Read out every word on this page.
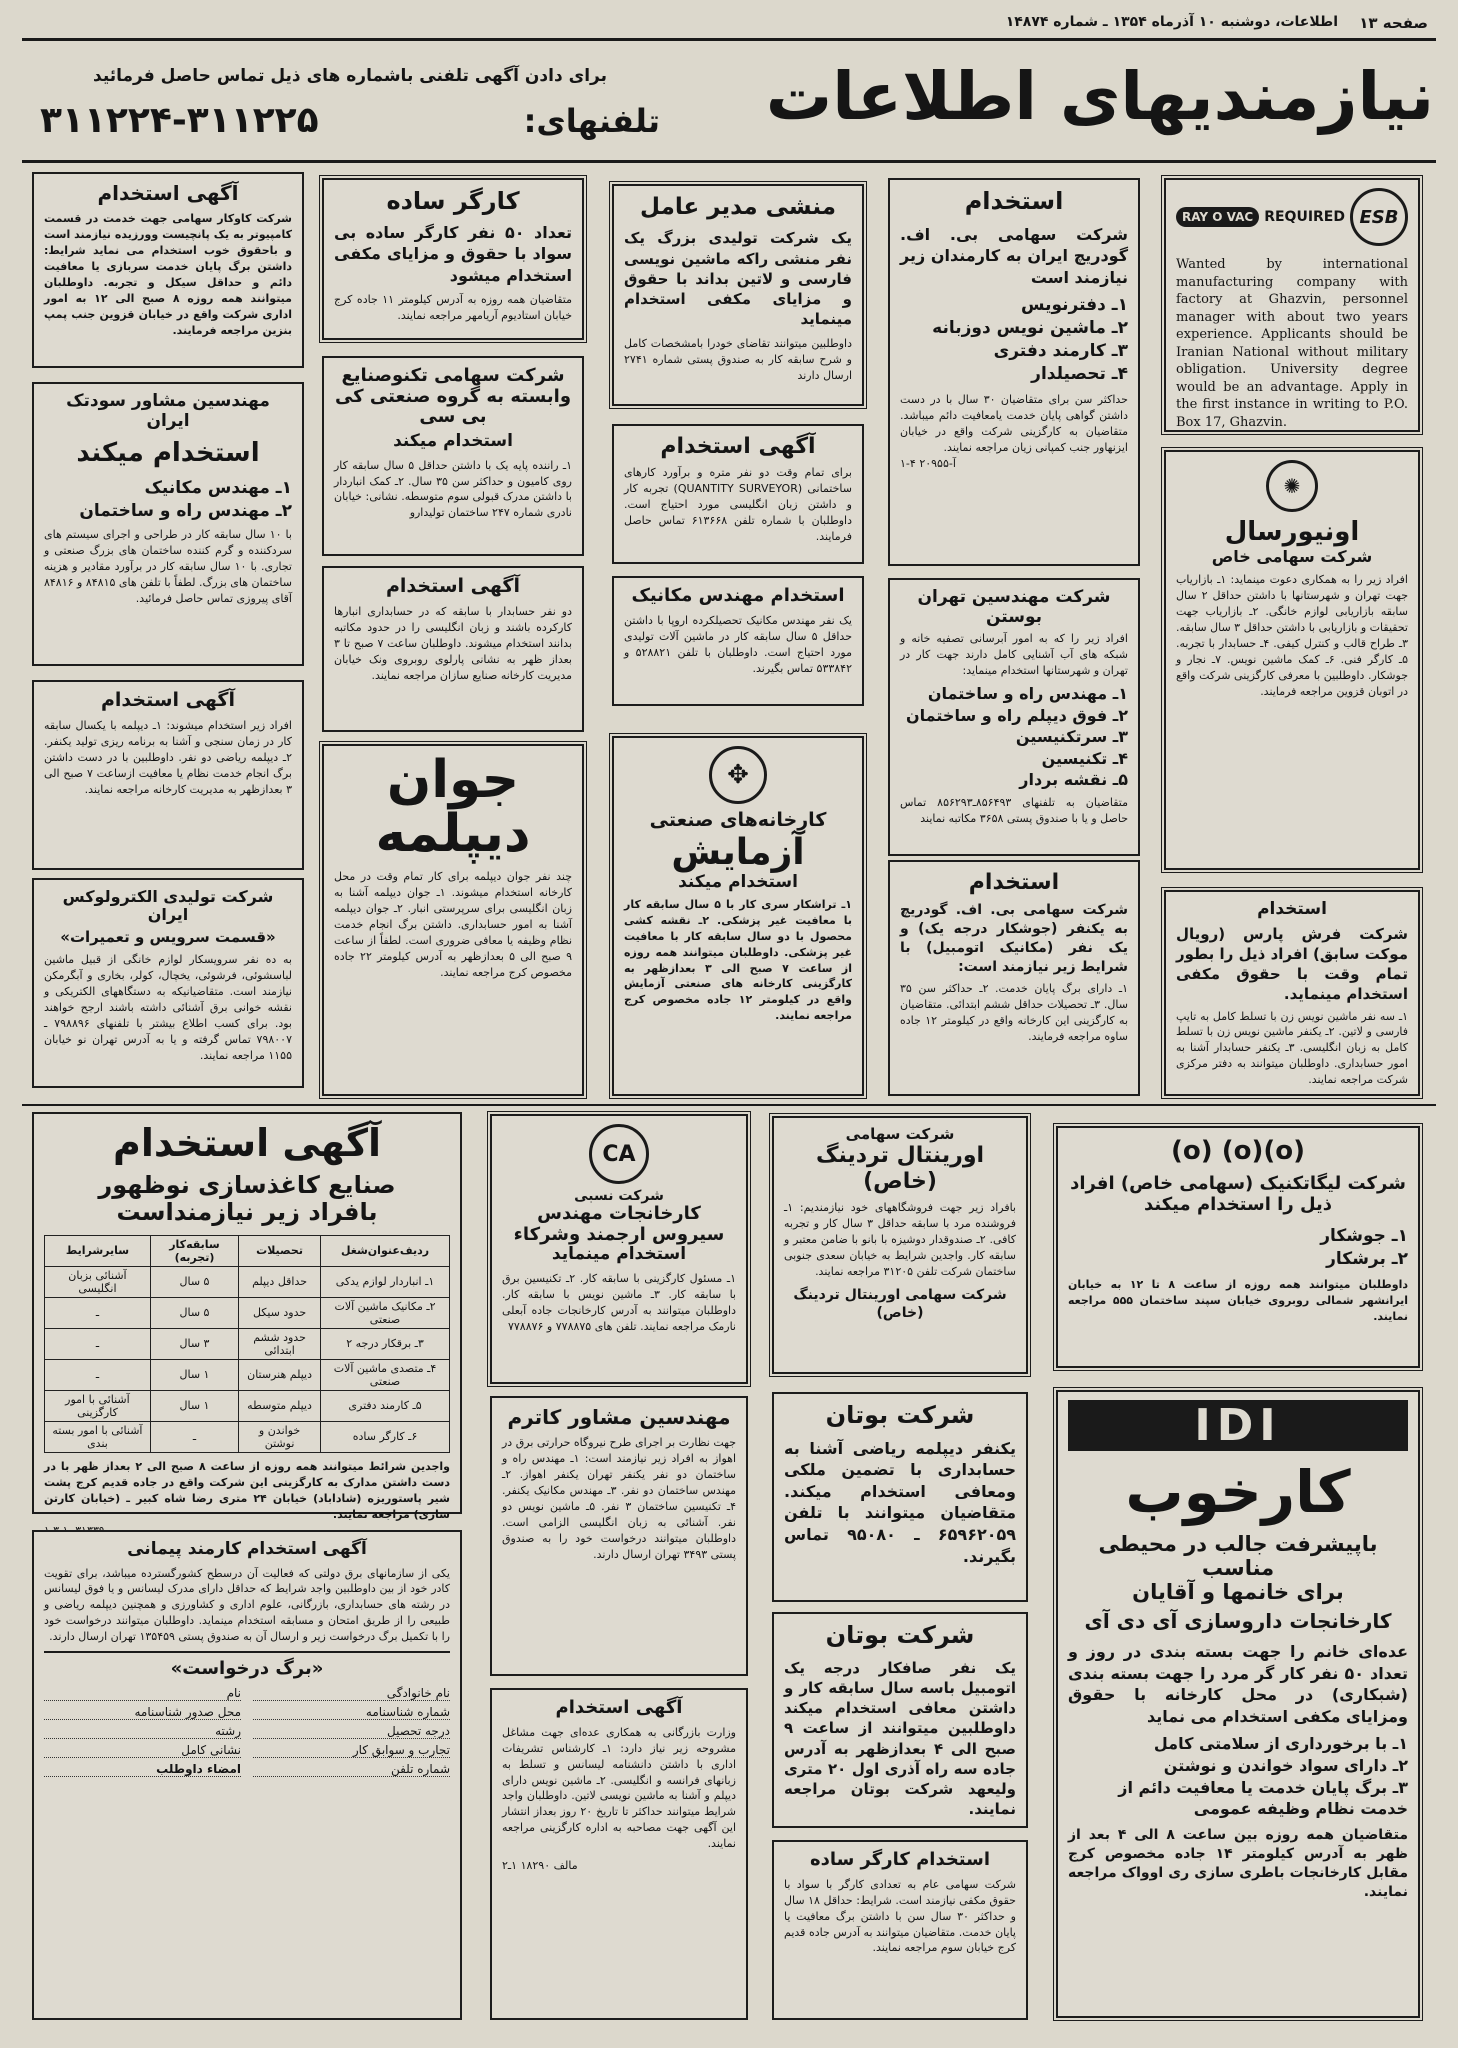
صفحه ۱۳
اطلاعات، دوشنبه ۱۰ آذرماه ۱۳۵۴ ـ شماره ۱۴۸۷۴
نیازمندیهای اطلاعات
برای دادن آگهی تلفنی باشماره های ذیل تماس حاصل فرمائید
تلفنهای:
۳۱۱۲۲۴-۳۱۱۲۲۵
RAY O VAC REQUIRED ESB
Wanted by international manufacturing company with factory at Ghazvin, personnel manager with about two years experience. Applicants should be Iranian National without military obligation. University degree would be an advantage. Apply in the first instance in writing to P.O. Box 17, Ghazvin.
استخدام
شرکت سهامی بی. اف. گودریچ ایران به کارمندان زیر نیازمند است
۱ـ دفترنویس
۲ـ ماشین نویس دوزبانه
۳ـ کارمند دفتری
۴ـ تحصیلدار
حداکثر سن برای متقاضیان ۳۰ سال با در دست داشتن گواهی پایان خدمت یامعافیت دائم میباشد. متقاضیان به کارگزینی شرکت واقع در خیابان ایزنهاور جنب کمپانی زیان مراجعه نمایند.
آ-۲۰۹۵۵ ۴-۱
منشی مدیر عامل
یک شرکت تولیدی بزرگ یک نفر منشی راکه ماشین نویسی فارسی و لاتین بداند با حقوق و مزایای مکفی استخدام مینماید
داوطلبین میتوانند تقاضای خودرا بامشخصات کامل و شرح سابقه کار به صندوق پستی شماره ۲۷۴۱ ارسال دارند
آگهی استخدام
برای تمام وقت دو نفر متره و برآورد کارهای ساختمانی (QUANTITY SURVEYOR) تجربه کار و داشتن زبان انگلیسی مورد احتیاج است. داوطلبان با شماره تلفن ۶۱۳۶۶۸ تماس حاصل فرمایند.
استخدام مهندس مکانیک
یک نفر مهندس مکانیک تحصیلکرده اروپا با داشتن حداقل ۵ سال سابقه کار در ماشین آلات تولیدی مورد احتیاج است. داوطلبان با تلفن ۵۲۸۸۲۱ و ۵۳۳۸۴۲ تماس بگیرند.
کارگر ساده
تعداد ۵۰ نفر کارگر ساده بی سواد با حقوق و مزایای مکفی استخدام میشود
متقاضیان همه روزه به آدرس کیلومتر ۱۱ جاده کرج خیابان استادیوم آریامهر مراجعه نمایند.
شرکت سهامی تکنوصنایع وابسته به گروه صنعتی کی بی سی
استخدام میکند
۱ـ راننده پایه یک با داشتن حداقل ۵ سال سابقه کار روی کامیون و حداکثر سن ۳۵ سال. ۲ـ کمک انباردار با داشتن مدرک قبولی سوم متوسطه. نشانی: خیابان نادری شماره ۲۴۷ ساختمان تولیدارو
آگهی استخدام
دو نفر حسابدار با سابقه که در حسابداری انبارها کارکرده باشند و زبان انگلیسی را در حدود مکاتبه بدانند استخدام میشوند. داوطلبان ساعت ۷ صبح تا ۳ بعداز ظهر به نشانی پارلوی روبروی ونک خیابان مدیریت کارخانه صنایع سازان مراجعه نمایند.
آگهی استخدام
شرکت کاوکار سهامی جهت خدمت در قسمت کامپیوتر به یک پانچیست وورزیده نیازمند است و باحقوق خوب استخدام می نماید شرایط: داشتن برگ پایان خدمت سربازی یا معافیت دائم و حداقل سیکل و تجربه. داوطلبان میتوانند همه روزه ۸ صبح الی ۱۲ به امور اداری شرکت واقع در خیابان قزوین جنب پمپ بنزین مراجعه فرمایند.
مهندسین مشاور سودتک ایران
استخدام میکند
۱ـ مهندس مکانیک
۲ـ مهندس راه و ساختمان
با ۱۰ سال سابقه کار در طراحی و اجرای سیستم های سردکننده و گرم کننده ساختمان های بزرگ صنعتی و تجاری. با ۱۰ سال سابقه کار در برآورد مقادیر و هزینه ساختمان های بزرگ. لطفاً با تلفن های ۸۴۸۱۵ و ۸۴۸۱۶ آقای پیروزی تماس حاصل فرمائید.
آگهی استخدام
افراد زیر استخدام میشوند: ۱ـ دیپلمه با یکسال سابقه کار در زمان سنجی و آشنا به برنامه ریزی تولید یکنفر. ۲ـ دیپلمه ریاضی دو نفر. داوطلبین با در دست داشتن برگ انجام خدمت نظام یا معافیت ازساعت ۷ صبح الی ۳ بعدازظهر به مدیریت کارخانه مراجعه نمایند.
شرکت تولیدی الکترولوکس ایران
«قسمت سرویس و تعمیرات»
به ده نفر سرویسکار لوازم خانگی از قبیل ماشین لباسشوئی، فرشوئی، یخچال، کولر، بخاری و آبگرمکن نیازمند است. متقاضیانیکه به دستگاههای الکتریکی و نقشه خوانی برق آشنائی داشته باشند ارجح خواهند بود. برای کسب اطلاع بیشتر با تلفنهای ۷۹۸۸۹۶ ـ ۷۹۸۰۰۷ تماس گرفته و یا به آدرس تهران نو خیابان ۱۱۵۵ مراجعه نمایند.
✺
اونیورسال
شرکت سهامی خاص
افراد زیر را به همکاری دعوت مینماید: ۱ـ بازاریاب جهت تهران و شهرستانها با داشتن حداقل ۲ سال سابقه بازاریابی لوازم خانگی. ۲ـ بازاریاب جهت تحقیقات و بازاریابی با داشتن حداقل ۳ سال سابقه. ۳ـ طراح قالب و کنترل کیفی. ۴ـ حسابدار با تجربه. ۵ـ کارگر فنی. ۶ـ کمک ماشین نویس. ۷ـ نجار و جوشکار. داوطلبین با معرفی کارگزینی شرکت واقع در اتوبان قزوین مراجعه فرمایند.
استخدام
شرکت فرش پارس (رویال موکت سابق) افراد ذیل را بطور تمام وقت با حقوق مکفی استخدام مینماید.
۱ـ سه نفر ماشین نویس زن با تسلط کامل به تایپ فارسی و لاتین. ۲ـ یکنفر ماشین نویس زن با تسلط کامل به زبان انگلیسی. ۳ـ یکنفر حسابدار آشنا به امور حسابداری. داوطلبان میتوانند به دفتر مرکزی شرکت مراجعه نمایند.
شرکت مهندسین تهران بوستن
افراد زیر را که به امور آبرسانی تصفیه خانه و شبکه های آب آشنایی کامل دارند جهت کار در تهران و شهرستانها استخدام مینماید:
۱ـ مهندس راه و ساختمان
۲ـ فوق دیپلم راه و ساختمان
۳ـ سرتکنیسین
۴ـ تکنیسین
۵ـ نقشه بردار
متقاضیان به تلفنهای ۸۵۶۴۹۳ـ۸۵۶۲۹۳ تماس حاصل و یا با صندوق پستی ۳۶۵۸ مکاتبه نمایند
استخدام
شرکت سهامی بی. اف. گودریچ به یکنفر (جوشکار درجه یک) و یک نفر (مکانیک اتومبیل) با شرایط زیر نیازمند است:
۱ـ دارای برگ پایان خدمت. ۲ـ حداکثر سن ۳۵ سال. ۳ـ تحصیلات حداقل ششم ابتدائی. متقاضیان به کارگزینی این کارخانه واقع در کیلومتر ۱۲ جاده ساوه مراجعه فرمایند.
✥
کارخانه‌های صنعتی
آزمایش
استخدام میکند
۱ـ تراشکار سری کار با ۵ سال سابقه کار با معافیت غیر پزشکی. ۲ـ نقشه کشی محصول با دو سال سابقه کار با معافیت غیر پزشکی. داوطلبان میتوانند همه روزه از ساعت ۷ صبح الی ۳ بعدازظهر به کارگزینی کارخانه های صنعتی آزمایش واقع در کیلومتر ۱۲ جاده مخصوص کرج مراجعه نمایند.
جوان
دیپلمه
چند نفر جوان دیپلمه برای کار تمام وقت در محل کارخانه استخدام میشوند. ۱ـ جوان دیپلمه آشنا به زبان انگلیسی برای سرپرستی انبار. ۲ـ جوان دیپلمه آشنا به امور حسابداری. داشتن برگ انجام خدمت نظام وظیفه یا معافی ضروری است. لطفاً از ساعت ۹ صبح الی ۵ بعدازظهر به آدرس کیلومتر ۲۲ جاده مخصوص کرج مراجعه نمایند.
(o) (o)(o)
شرکت لیگاتکنیک (سهامی خاص) افراد ذیل را استخدام میکند
۱ـ جوشکار
۲ـ برشکار
داوطلبان میتوانند همه روزه از ساعت ۸ تا ۱۲ به خیابان ایرانشهر شمالی روبروی خیابان سپند ساختمان ۵۵۵ مراجعه نمایند.
IDI
کارخوب
باپیشرفت جالب در محیطی مناسب
برای خانمها و آقایان
کارخانجات داروسازی آی دی آی
عده‌ای خانم را جهت بسته بندی در روز و تعداد ۵۰ نفر کار گر مرد را جهت بسته بندی (شبکاری) در محل کارخانه با حقوق ومزایای مکفی استخدام می نماید
۱ـ با برخورداری از سلامتی کامل
۲ـ دارای سواد خواندن و نوشتن
۳ـ برگ پایان خدمت یا معافیت دائم از خدمت نظام وظیفه عمومی
متقاضیان همه روزه بین ساعت ۸ الی ۴ بعد از ظهر به آدرس کیلومتر ۱۴ جاده مخصوص کرج مقابل کارخانجات باطری سازی ری اوواک مراجعه نمایند.
شرکت سهامی
اورینتال تردینگ (خاص)
بافراد زیر جهت فروشگاههای خود نیازمندیم: ۱ـ فروشنده مرد با سابقه حداقل ۳ سال کار و تجربه کافی. ۲ـ صندوقدار دوشیزه با بانو با ضامن معتبر و سابقه کار. واجدین شرایط به خیابان سعدی جنوبی ساختمان شرکت تلفن ۳۱۲۰۵ مراجعه نمایند.
شرکت سهامی اورینتال تردینگ (خاص)
شرکت بوتان
یکنفر دیپلمه ریاضی آشنا به حسابداری با تضمین ملکی ومعافی استخدام میکند. متقاضیان میتوانند با تلفن ۶۵۹۶۲۰۵۹ ـ ۹۵۰۸۰ تماس بگیرند.
شرکت بوتان
یک نفر صافکار درجه یک اتومبیل باسه سال سابقه کار و داشتن معافی استخدام میکند داوطلبین میتوانند از ساعت ۹ صبح الی ۴ بعدازظهر به آدرس جاده سه راه آذری اول ۲۰ متری ولیعهد شرکت بوتان مراجعه نمایند.
استخدام کارگر ساده
شرکت سهامی عام به تعدادی کارگر با سواد با حقوق مکفی نیازمند است. شرایط: حداقل ۱۸ سال و حداکثر ۳۰ سال سن با داشتن برگ معافیت یا پایان خدمت. متقاضیان میتوانند به آدرس جاده قدیم کرج خیابان سوم مراجعه نمایند.
CA
شرکت نسبی
کارخانجات مهندس سیروس ارجمند وشرکاء
استخدام مینماید
۱ـ مسئول کارگزینی با سابقه کار. ۲ـ تکنیسین برق با سابقه کار. ۳ـ ماشین نویس با سابقه کار. داوطلبان میتوانند به آدرس کارخانجات جاده آبعلی نارمک مراجعه نمایند. تلفن های ۷۷۸۸۷۵ و ۷۷۸۸۷۶
مهندسین مشاور کاترم
جهت نظارت بر اجرای طرح نیروگاه حرارتی برق در اهواز به افراد زیر نیازمند است: ۱ـ مهندس راه و ساختمان دو نفر یکنفر تهران یکنفر اهواز. ۲ـ مهندس ساختمان دو نفر. ۳ـ مهندس مکانیک یکنفر. ۴ـ تکنیسین ساختمان ۳ نفر. ۵ـ ماشین نویس دو نفر. آشنائی به زبان انگلیسی الزامی است. داوطلبان میتوانند درخواست خود را به صندوق پستی ۳۴۹۳ تهران ارسال دارند.
آگهی استخدام
وزارت بازرگانی به همکاری عده‌ای جهت مشاغل مشروحه زیر نیاز دارد: ۱ـ کارشناس تشریفات اداری با داشتن دانشنامه لیسانس و تسلط به زبانهای فرانسه و انگلیسی. ۲ـ ماشین نویس دارای دیپلم و آشنا به ماشین نویسی لاتین. داوطلبان واجد شرایط میتوانند حداکثر تا تاریخ ۲۰ روز بعداز انتشار این آگهی جهت مصاحبه به اداره کارگزینی مراجعه نمایند.
مالف ۱۸۲۹۰ ۱ـ۲
آگهی استخدام
صنایع کاغذسازی نوظهور
بافراد زیر نیازمنداست
ردیف‌عنوان‌شغل	تحصیلات	سابقه‌کار (تجربه)	سایرشرایط
۱ـ انباردار لوازم یدکی	حداقل دیپلم	۵ سال	آشنائی بزبان انگلیسی
۲ـ مکانیک ماشین آلات صنعتی	حدود سیکل	۵ سال	ـ
۳ـ برقکار درجه ۲	حدود ششم ابتدائی	۳ سال	ـ
۴ـ متصدی ماشین آلات صنعتی	دیپلم هنرستان	۱ سال	ـ
۵ـ کارمند دفتری	دیپلم متوسطه	۱ سال	آشنائی با امور کارگزینی
۶ـ کارگر ساده	خواندن و نوشتن	ـ	آشنائی با امور بسته بندی
واجدین شرائط میتوانند همه روزه از ساعت ۸ صبح الی ۲ بعداز ظهر با در دست داشتن مدارک به کارگزینی این شرکت واقع در جاده قدیم کرج پشت شیر پاستوریزه (شاداباد) خیابان ۲۴ متری رضا شاه کبیر ـ (خیابان کارتن سازی) مراجعه نمایند.
آگهی استخدام کارمند پیمانی
یکی از سازمانهای برق دولتی که فعالیت آن درسطح کشورگسترده میباشد، برای تقویت کادر خود از بین داوطلبین واجد شرایط که حداقل دارای مدرک لیسانس و یا فوق لیسانس در رشته های حسابداری، بازرگانی، علوم اداری و کشاورزی و همچنین دیپلمه ریاضی و طبیعی را از طریق امتحان و مسابقه استخدام مینماید. داوطلبان میتوانند درخواست خود را با تکمیل برگ درخواست زیر و ارسال آن به صندوق پستی ۱۳۵۴۵۹ تهران ارسال دارند.
«برگ درخواست»
نام خانوادگی
نام
شماره شناسنامه
محل صدور شناسنامه
درجه تحصیل
رشته
تجارب و سوابق کار
نشانی کامل
شماره تلفن
امضاء داوطلب
